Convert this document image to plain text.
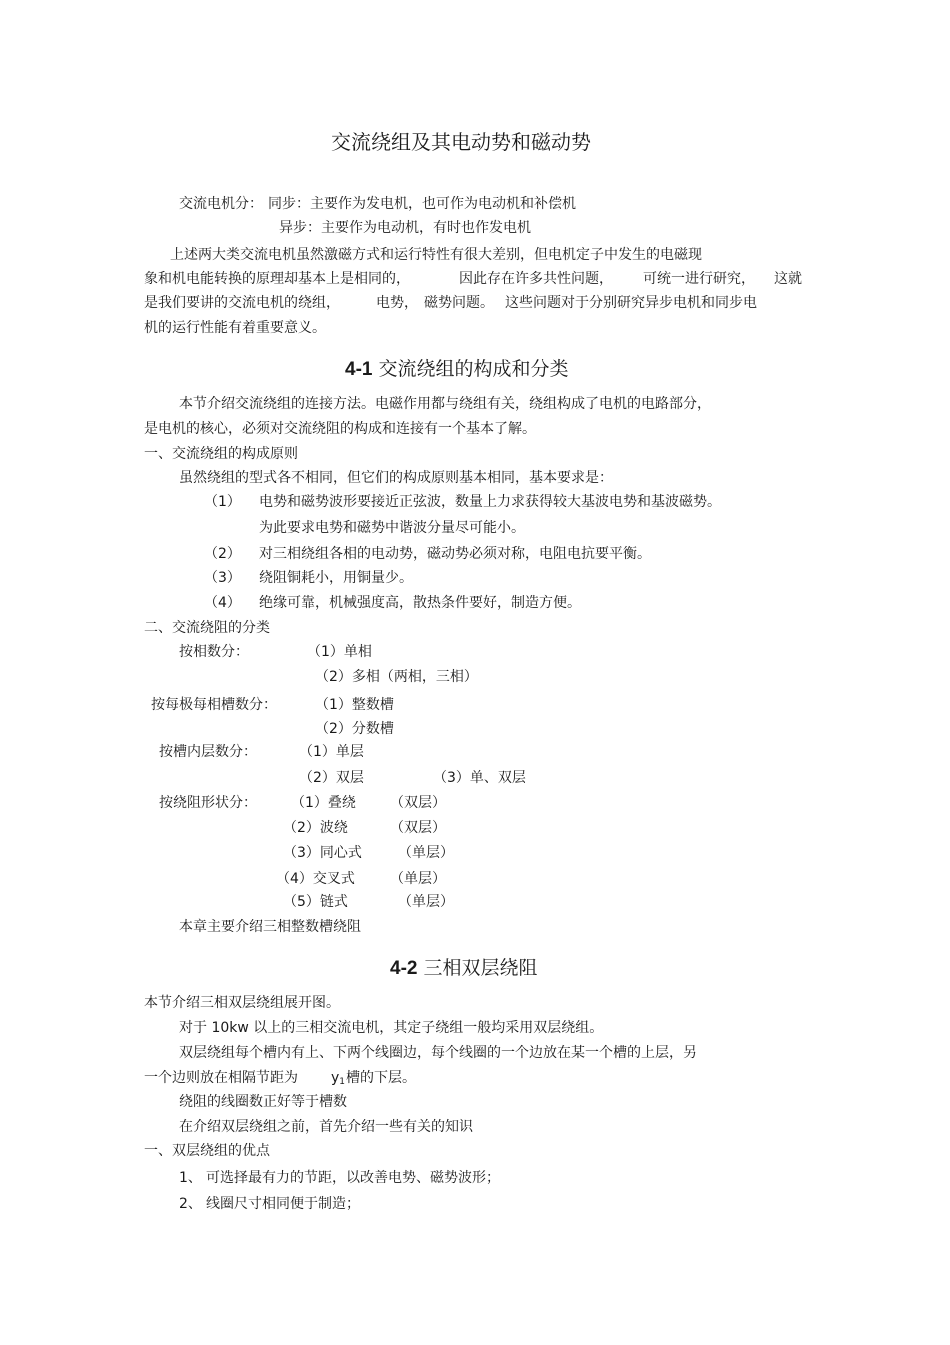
交流绕组及其电动势和磁动势
交流电机分： 同步：主要作为发电机，也可作为电动机和补偿机
异步：主要作为电动机，有时也作发电机
上述两大类交流电机虽然激磁方式和运行特性有很大差别，但电机定子中发生的电磁现
象和机电能转换的原理却基本上是相同的，	因此存在许多共性问题， 可统一进行研究， 这就
是我们要讲的交流电机的绕组，	电势， 磁势问题。 这些问题对于分别研究异步电机和同步电
机的运行性能有着重要意义。
4-1 交流绕组的构成和分类
本节介绍交流绕组的连接方法。电磁作用都与绕组有关，绕组构成了电机的电路部分，
是电机的核心，必须对交流绕阻的构成和连接有一个基本了解。
一、交流绕组的构成原则
虽然绕组的型式各不相同，但它们的构成原则基本相同，基本要求是：
（1） 电势和磁势波形要接近正弦波，数量上力求获得较大基波电势和基波磁势。
为此要求电势和磁势中谐波分量尽可能小。
（2） 对三相绕组各相的电动势，磁动势必须对称，电阻电抗要平衡。
（3） 绕阻铜耗小，用铜量少。
（4） 绝缘可靠，机械强度高，散热条件要好，制造方便。
二、交流绕阻的分类
按相数分：	（1）单相
（2）多相（两相，三相）
按每极每相槽数分：	（1）整数槽
（2）分数槽
按槽内层数分：	（1）单层
（2）双层	（3）单、双层
按绕阻形状分： （1）叠绕 （双层）
（2）波绕	（双层）
（3）同心式	（单层）
（4）交叉式	（单层）
（5）链式	（单层）
本章主要介绍三相整数槽绕阻
4-2 三相双层绕阻
本节介绍三相双层绕组展开图。
对于 10kw 以上的三相交流电机，其定子绕组一般均采用双层绕组。
双层绕组每个槽内有上、下两个线圈边，每个线圈的一个边放在某一个槽的上层，另
一个边则放在相隔节距为 $y_1$ 槽的下层。
绕阻的线圈数正好等于槽数
在介绍双层绕组之前，首先介绍一些有关的知识
一、双层绕组的优点
1、 可选择最有力的节距，以改善电势、磁势波形；
2、 线圈尺寸相同便于制造；
